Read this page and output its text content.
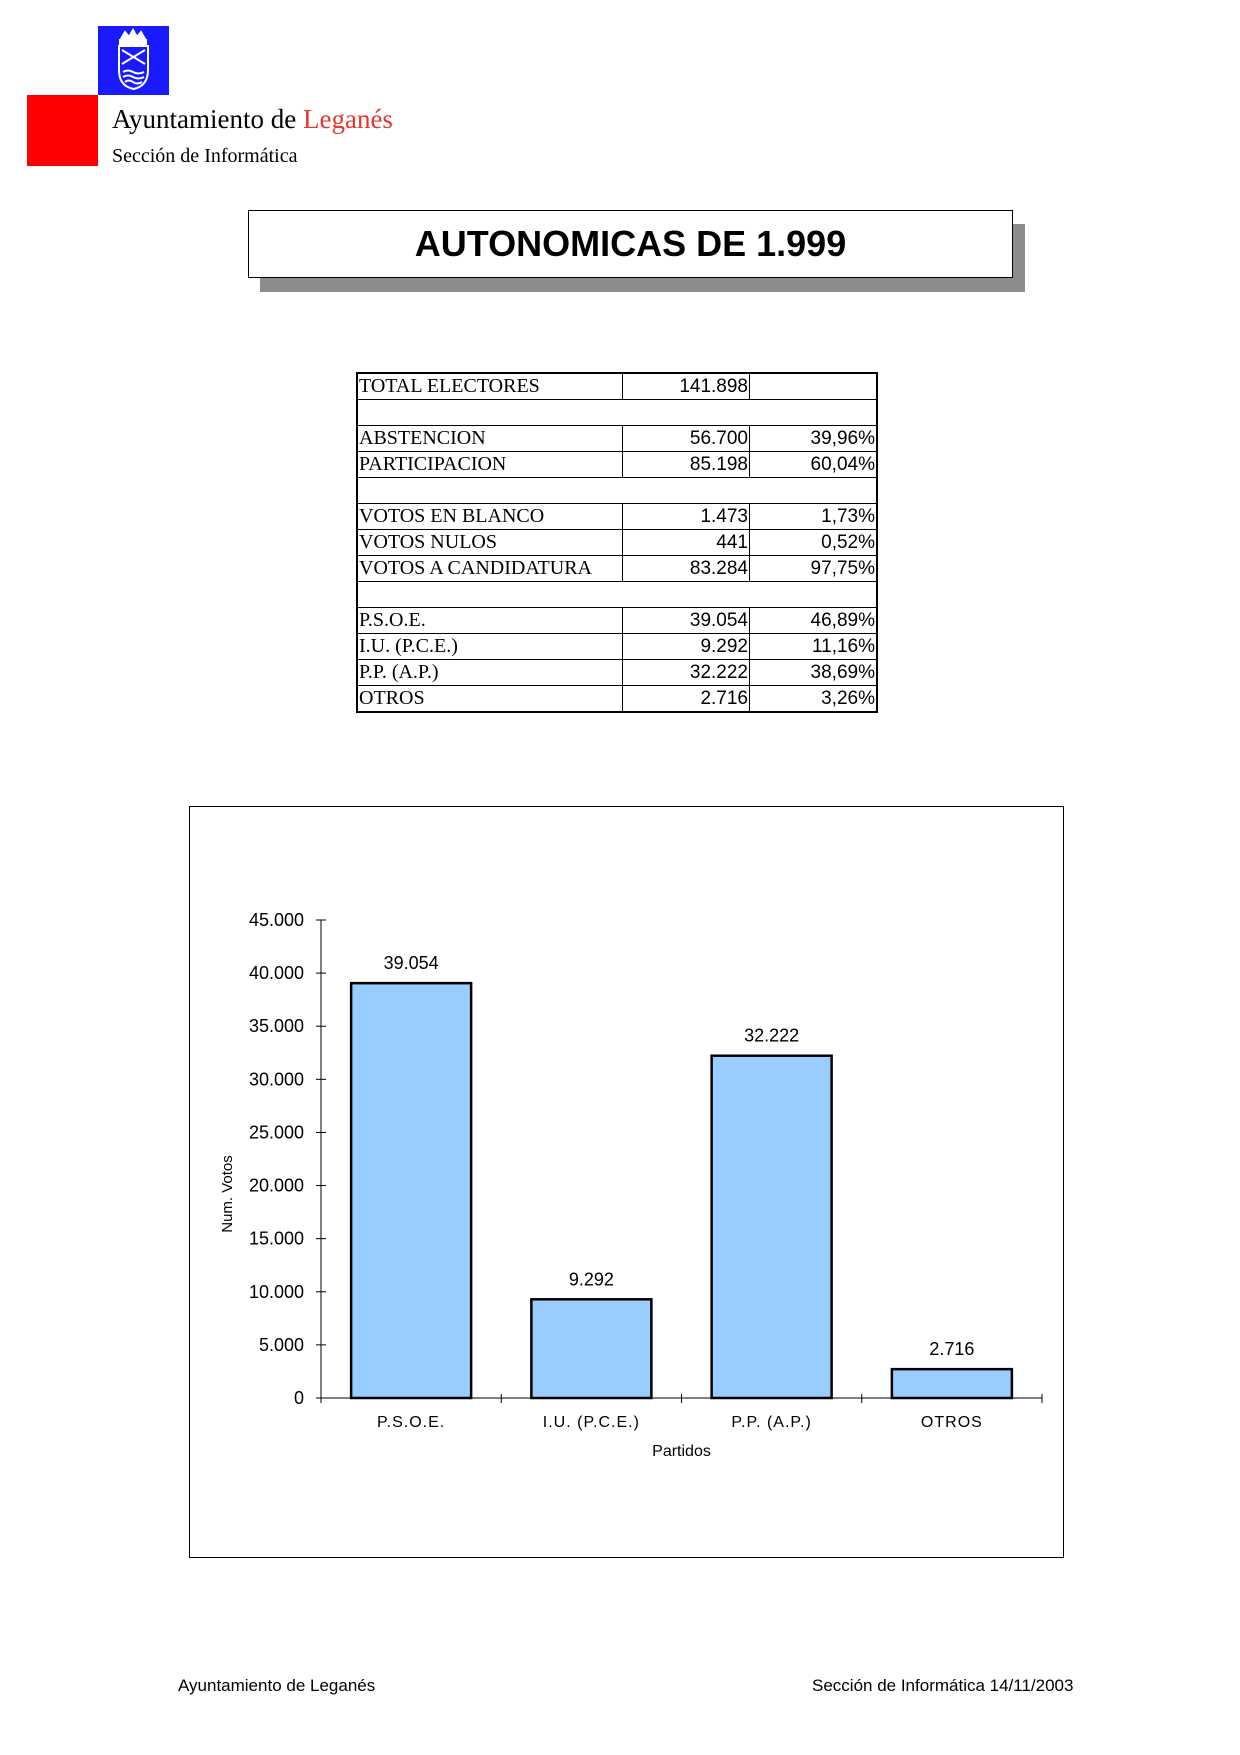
Ayuntamiento de Leganés
Sección de Informática
AUTONOMICAS DE 1.999
TOTAL ELECTORES	141.898	

ABSTENCION	56.700	39,96%
PARTICIPACION	85.198	60,04%

VOTOS EN BLANCO	1.473	1,73%
VOTOS NULOS	441	0,52%
VOTOS A CANDIDATURA	83.284	97,75%

P.S.O.E.	39.054	46,89%
I.U. (P.C.E.)	9.292	11,16%
P.P. (A.P.)	32.222	38,69%
OTROS	2.716	3,26%
0
5.000
10.000
15.000
20.000
25.000
30.000
35.000
40.000
45.000
39.054
P.S.O.E.
9.292
I.U. (P.C.E.)
32.222
P.P. (A.P.)
2.716
OTROS
Partidos
Num. Votos
Ayuntamiento de Leganés	Sección de Informática 14/11/2003
